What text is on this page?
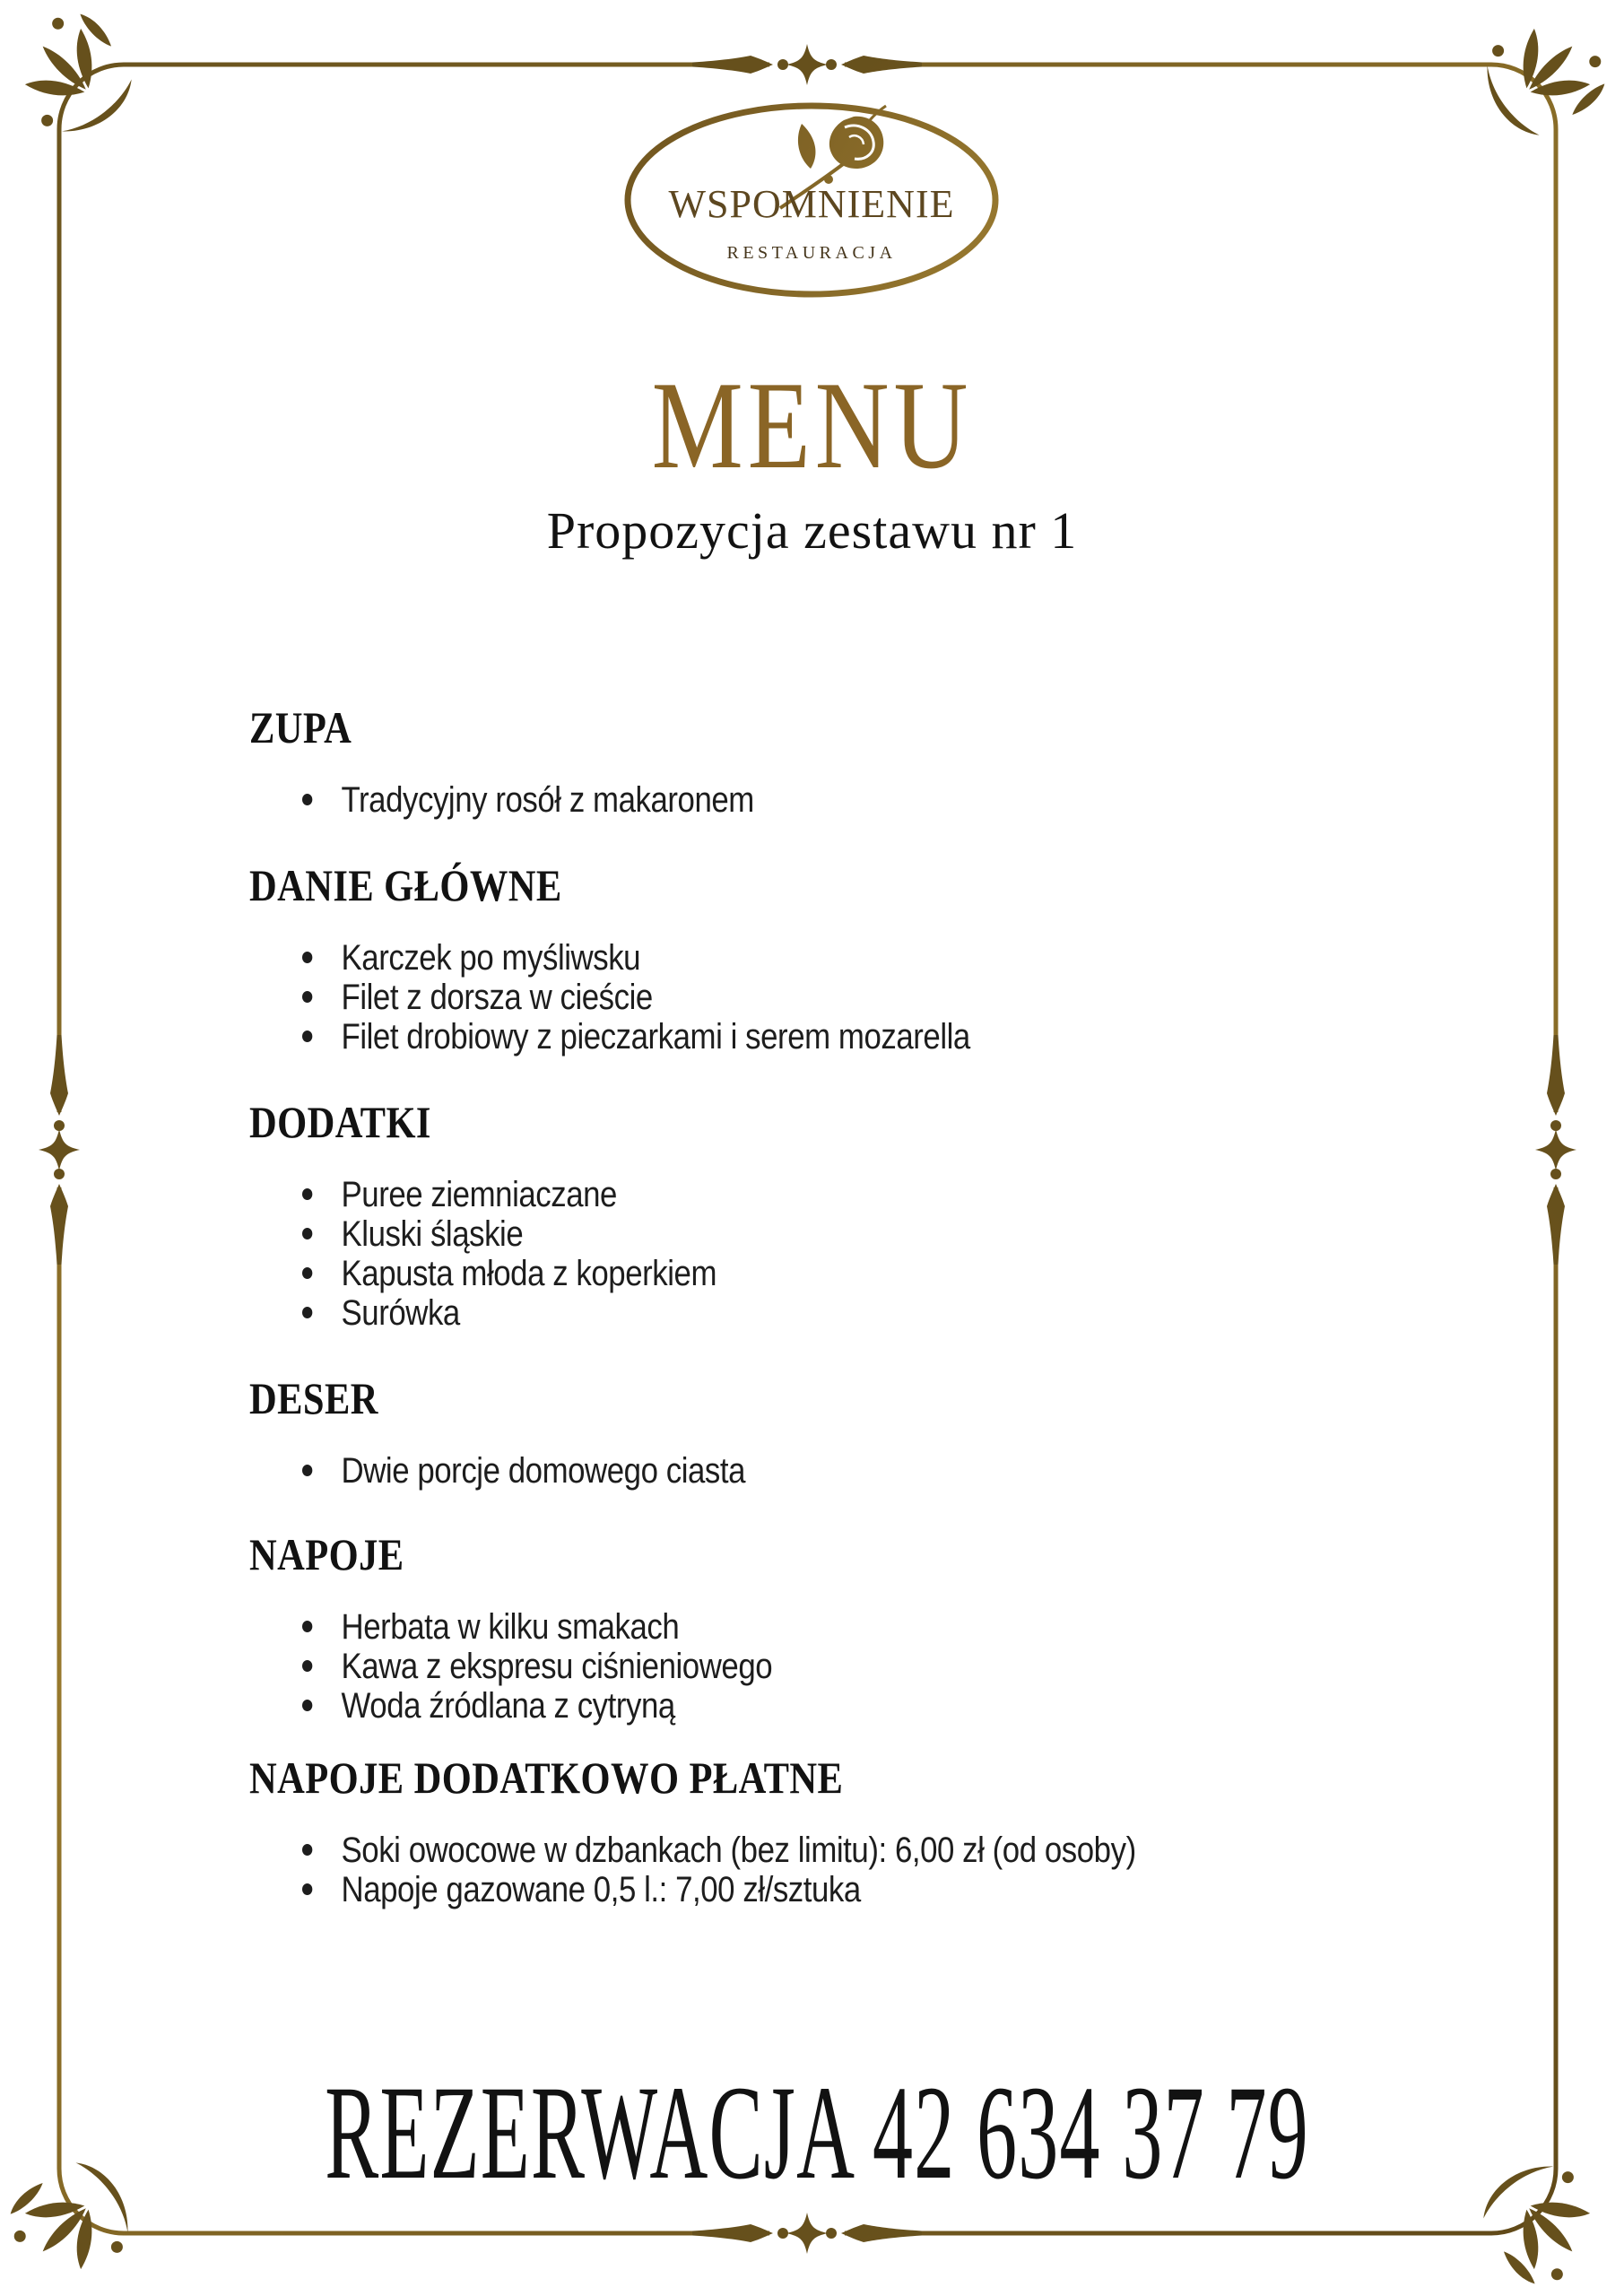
WSPOMNIENIE
RESTAURACJA
MENU
Propozycja zestawu nr 1
ZUPA
Tradycyjny rosół z makaronem
DANIE GŁÓWNE
Karczek po myśliwsku
Filet z dorsza w cieście
Filet drobiowy z pieczarkami i serem mozarella
DODATKI
Puree ziemniaczane
Kluski śląskie
Kapusta młoda z koperkiem
Surówka
DESER
Dwie porcje domowego ciasta
NAPOJE
Herbata w kilku smakach
Kawa z ekspresu ciśnieniowego
Woda źródlana z cytryną
NAPOJE DODATKOWO PŁATNE
Soki owocowe w dzbankach (bez limitu): 6,00 zł (od osoby)
Napoje gazowane 0,5 l.: 7,00 zł/sztuka
REZERWACJA 42 634 37 79
